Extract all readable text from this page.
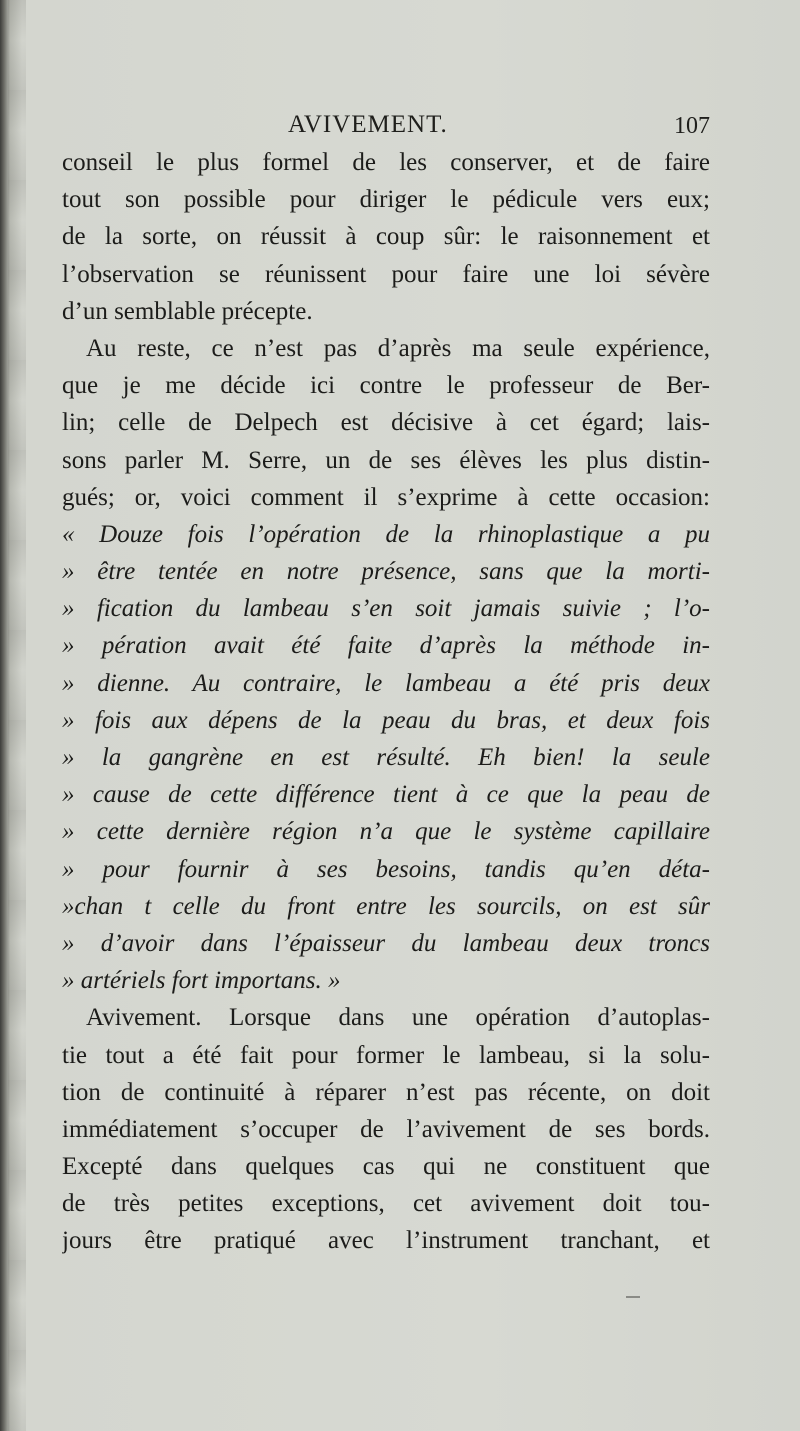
AVIVEMENT.	107
conseil le plus formel de les conserver, et de faire
tout son possible pour diriger le pédicule vers eux;
de la sorte, on réussit à coup sûr: le raisonnement et
l’observation se réunissent pour faire une loi sévère
d’un semblable précepte.
Au reste, ce n’est pas d’après ma seule expérience,
que je me décide ici contre le professeur de Ber-
lin; celle de Delpech est décisive à cet égard; lais-
sons parler M. Serre, un de ses élèves les plus distin-
gués; or, voici comment il s’exprime à cette occasion:
« Douze fois l’opération de la rhinoplastique a pu
» être tentée en notre présence, sans que la morti-
» fication du lambeau s’en soit jamais suivie ; l’o-
» pération avait été faite d’après la méthode in-
» dienne. Au contraire, le lambeau a été pris deux
» fois aux dépens de la peau du bras, et deux fois
» la gangrène en est résulté. Eh bien! la seule
» cause de cette différence tient à ce que la peau de
» cette dernière région n’a que le système capillaire
» pour fournir à ses besoins, tandis qu’en déta-
»chan t celle du front entre les sourcils, on est sûr
» d’avoir dans l’épaisseur du lambeau deux troncs
» artériels fort importans. »
Avivement. Lorsque dans une opération d’autoplas-
tie tout a été fait pour former le lambeau, si la solu-
tion de continuité à réparer n’est pas récente, on doit
immédiatement s’occuper de l’avivement de ses bords.
Excepté dans quelques cas qui ne constituent que
de très petites exceptions, cet avivement doit tou-
jours être pratiqué avec l’instrument tranchant, et
